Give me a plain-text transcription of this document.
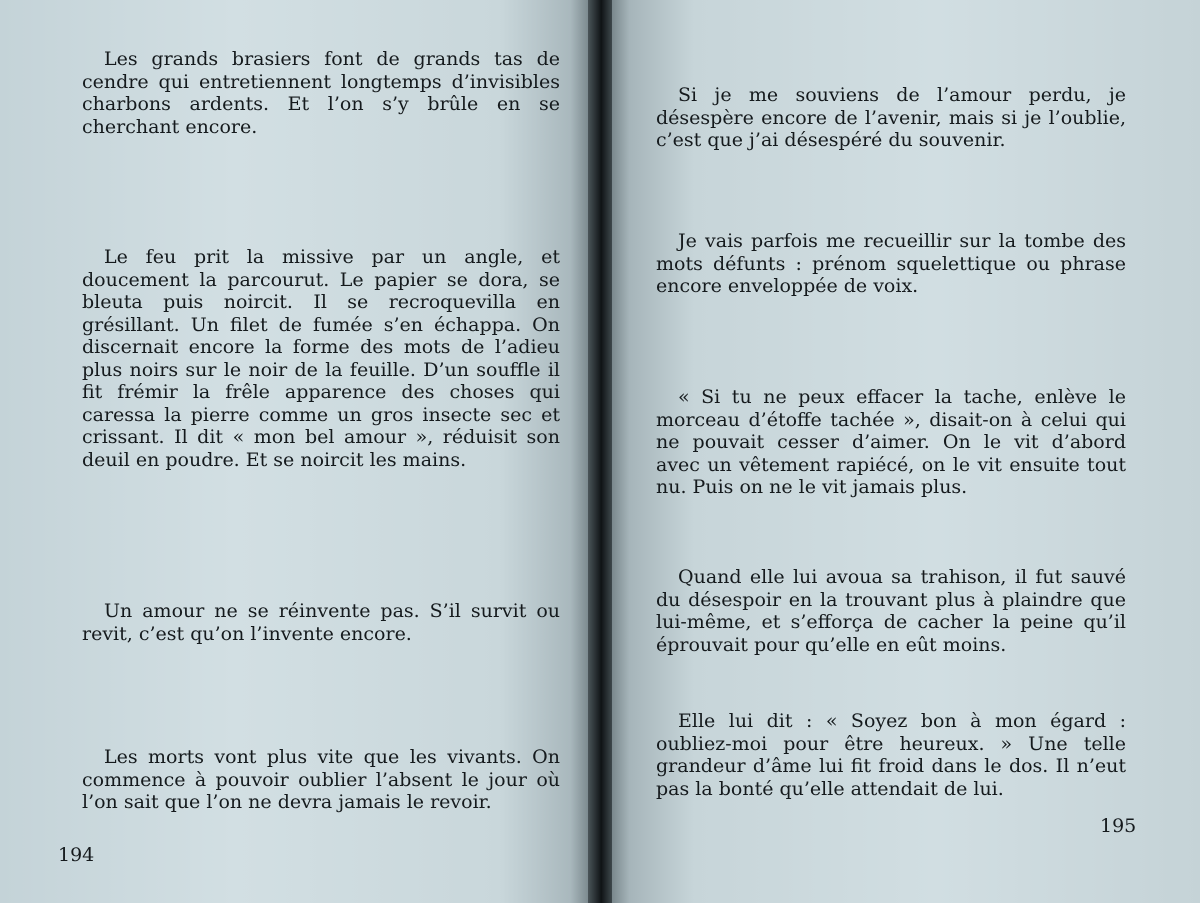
Les grands brasiers font de grands tas de cendre qui entretiennent longtemps d’invisibles charbons ardents. Et l’on s’y brûle en se cherchant encore.

Le feu prit la missive par un angle, et doucement la parcourut. Le papier se dora, se bleuta puis noircit. Il se recroquevilla en grésillant. Un filet de fumée s’en échappa. On discernait encore la forme des mots de l’adieu plus noirs sur le noir de la feuille. D’un souffle il fit frémir la frêle apparence des choses qui caressa la pierre comme un gros insecte sec et crissant. Il dit « mon bel amour », réduisit son deuil en poudre. Et se noircit les mains.

Un amour ne se réinvente pas. S’il survit ou revit, c’est qu’on l’invente encore.

Les morts vont plus vite que les vivants. On commence à pouvoir oublier l’absent le jour où l’on sait que l’on ne devra jamais le revoir.

194

Si je me souviens de l’amour perdu, je désespère encore de l’avenir, mais si je l’oublie, c’est que j’ai désespéré du souvenir.

Je vais parfois me recueillir sur la tombe des mots défunts : prénom squelettique ou phrase encore enveloppée de voix.

« Si tu ne peux effacer la tache, enlève le morceau d’étoffe tachée », disait-on à celui qui ne pouvait cesser d’aimer. On le vit d’abord avec un vêtement rapiécé, on le vit ensuite tout nu. Puis on ne le vit jamais plus.

Quand elle lui avoua sa trahison, il fut sauvé du désespoir en la trouvant plus à plaindre que lui-même, et s’efforça de cacher la peine qu’il éprouvait pour qu’elle en eût moins.

Elle lui dit : « Soyez bon à mon égard : oubliez-moi pour être heureux. » Une telle grandeur d’âme lui fit froid dans le dos. Il n’eut pas la bonté qu’elle attendait de lui.

195
